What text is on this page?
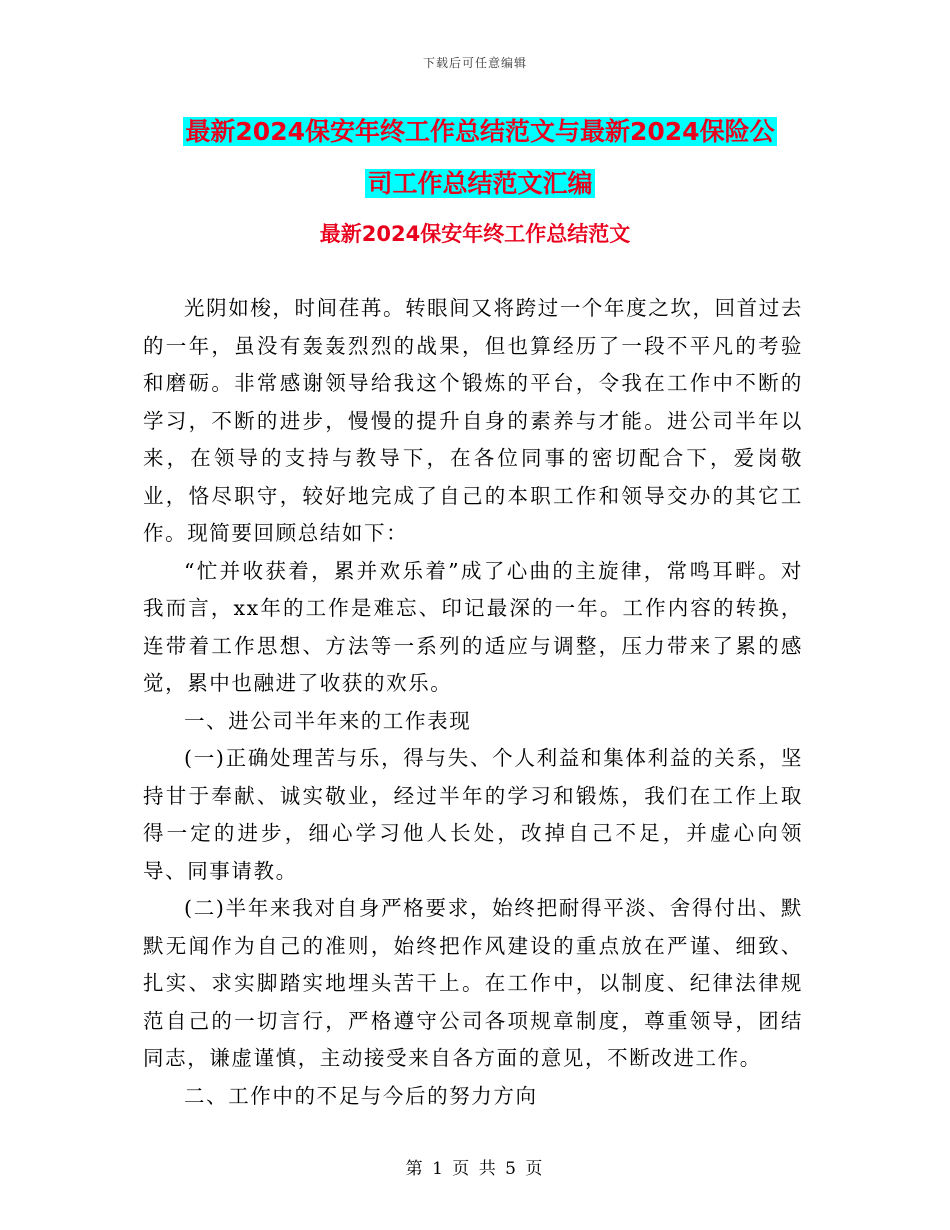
下载后可任意编辑
最新2024保安年终工作总结范文与最新2024保险公
司工作总结范文汇编
最新2024保安年终工作总结范文

光阴如梭，时间荏苒。转眼间又将跨过一个年度之坎，回首过去的一年，虽没有轰轰烈烈的战果，但也算经历了一段不平凡的考验和磨砺。非常感谢领导给我这个锻炼的平台，令我在工作中不断的学习，不断的进步，慢慢的提升自身的素养与才能。进公司半年以来，在领导的支持与教导下，在各位同事的密切配合下，爱岗敬业，恪尽职守，较好地完成了自己的本职工作和领导交办的其它工作。现简要回顾总结如下：

“忙并收获着，累并欢乐着”成了心曲的主旋律，常鸣耳畔。对我而言，xx年的工作是难忘、印记最深的一年。工作内容的转换，连带着工作思想、方法等一系列的适应与调整，压力带来了累的感觉，累中也融进了收获的欢乐。

一、进公司半年来的工作表现

(一)正确处理苦与乐，得与失、个人利益和集体利益的关系，坚持甘于奉献、诚实敬业，经过半年的学习和锻炼，我们在工作上取得一定的进步，细心学习他人长处，改掉自己不足，并虚心向领导、同事请教。

(二)半年来我对自身严格要求，始终把耐得平淡、舍得付出、默默无闻作为自己的准则，始终把作风建设的重点放在严谨、细致、扎实、求实脚踏实地埋头苦干上。在工作中，以制度、纪律法律规范自己的一切言行，严格遵守公司各项规章制度，尊重领导，团结同志，谦虚谨慎，主动接受来自各方面的意见，不断改进工作。

二、工作中的不足与今后的努力方向

第 1 页 共 5 页
